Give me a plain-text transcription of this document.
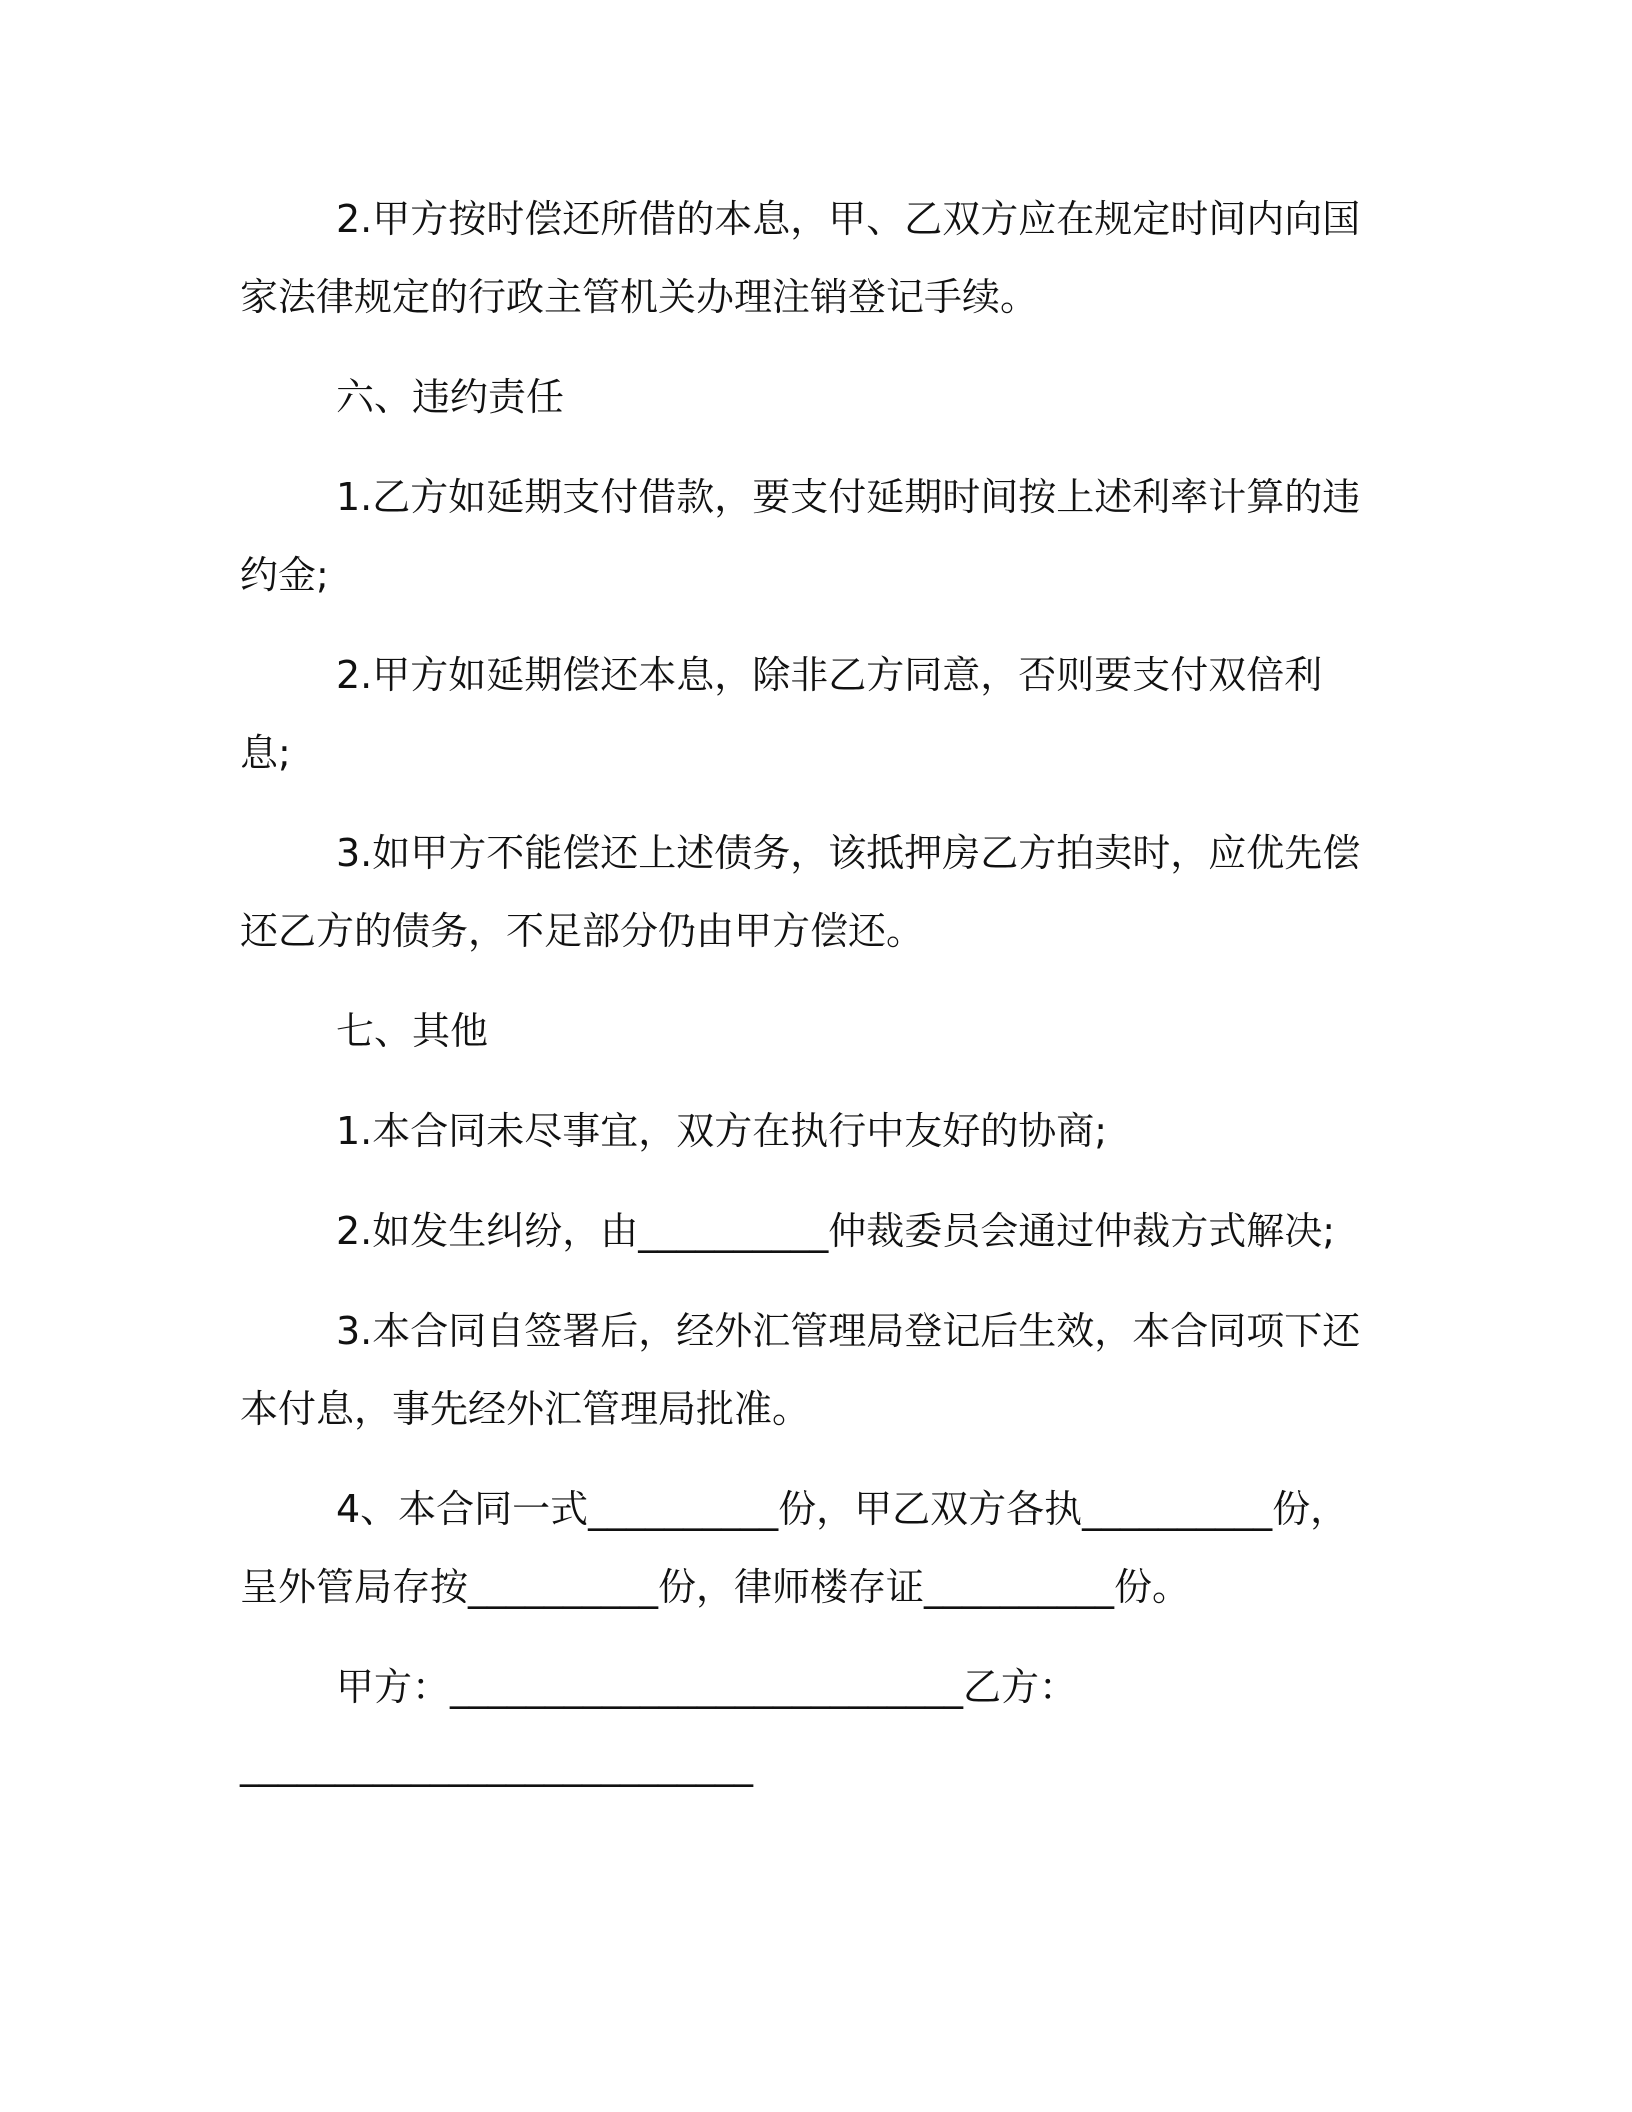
2.甲方按时偿还所借的本息，甲、乙双方应在规定时间内向国家法律规定的行政主管机关办理注销登记手续。

六、违约责任

1.乙方如延期支付借款，要支付延期时间按上述利率计算的违约金;

2.甲方如延期偿还本息，除非乙方同意，否则要支付双倍利息;

3.如甲方不能偿还上述债务，该抵押房乙方拍卖时，应优先偿还乙方的债务，不足部分仍由甲方偿还。

七、其他

1.本合同未尽事宜，双方在执行中友好的协商;

2.如发生纠纷，由__________仲裁委员会通过仲裁方式解决;

3.本合同自签署后，经外汇管理局登记后生效，本合同项下还本付息，事先经外汇管理局批准。

4、本合同一式__________份，甲乙双方各执__________份，呈外管局存按__________份，律师楼存证__________份。

甲方：___________________________乙方：

___________________________
